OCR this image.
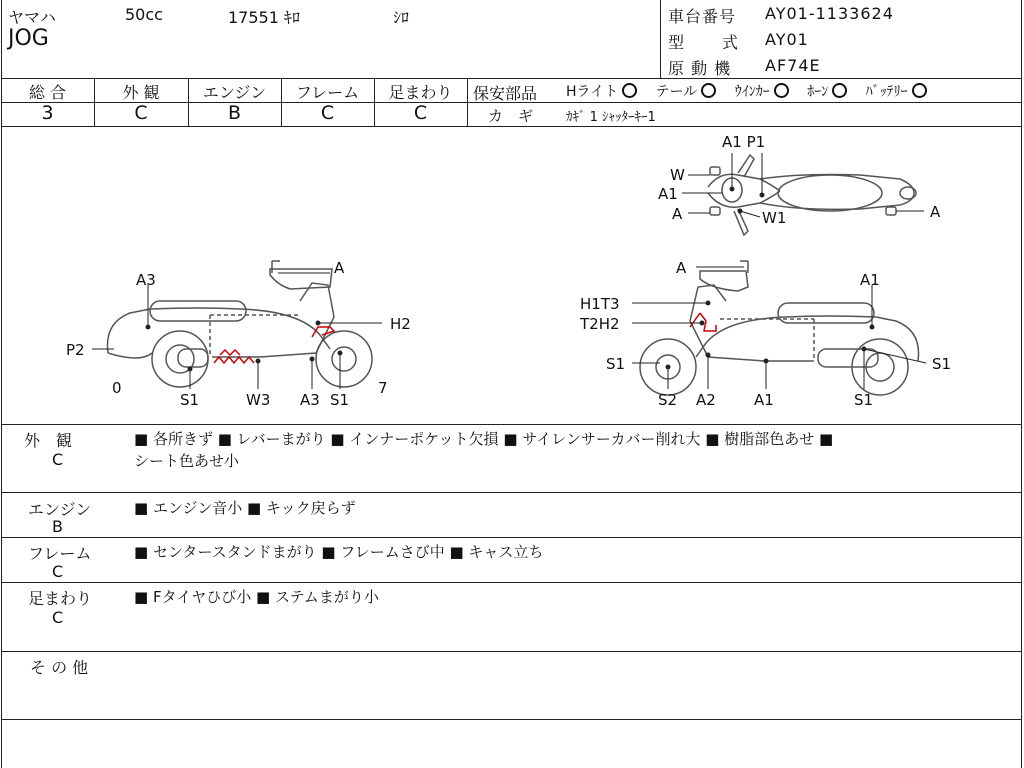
ヤマハ	50cc	17551 ｷﾛ	ｼﾛ
JOG
車台番号 AY01-1133624
型　　式 AY01
原 動 機 AF74E
総 合	外 観	エンジン	フレーム	足まわり
3	C	B	C	C
保安部品 Hライト	テール	ｳｲﾝｶｰ	ﾎｰﾝ	ﾊﾞｯﾃﾘｰ
カ　ギ	ｶｷﾞ 1 ｼｬｯﾀｰｷｰ1
A1 P1
W
A1
A	W1	A
A
A3
H2
P2
0	7
S1	W3 A3 S1
A
A1
H1T3
T2H2
S1	S1
S2 A2	A1	S1
外　観
C
■ 各所きず ■ レバーまがり ■ インナーポケット欠損 ■ サイレンサーカバー削れ大 ■ 樹脂部色あせ ■
シート色あせ小
エンジン
B
■ エンジン音小 ■ キック戻らず
フレーム
C
■ センタースタンドまがり ■ フレームさび中 ■ キャス立ち
足まわり
C
■ Fタイヤひび小 ■ ステムまがり小
そ の 他
